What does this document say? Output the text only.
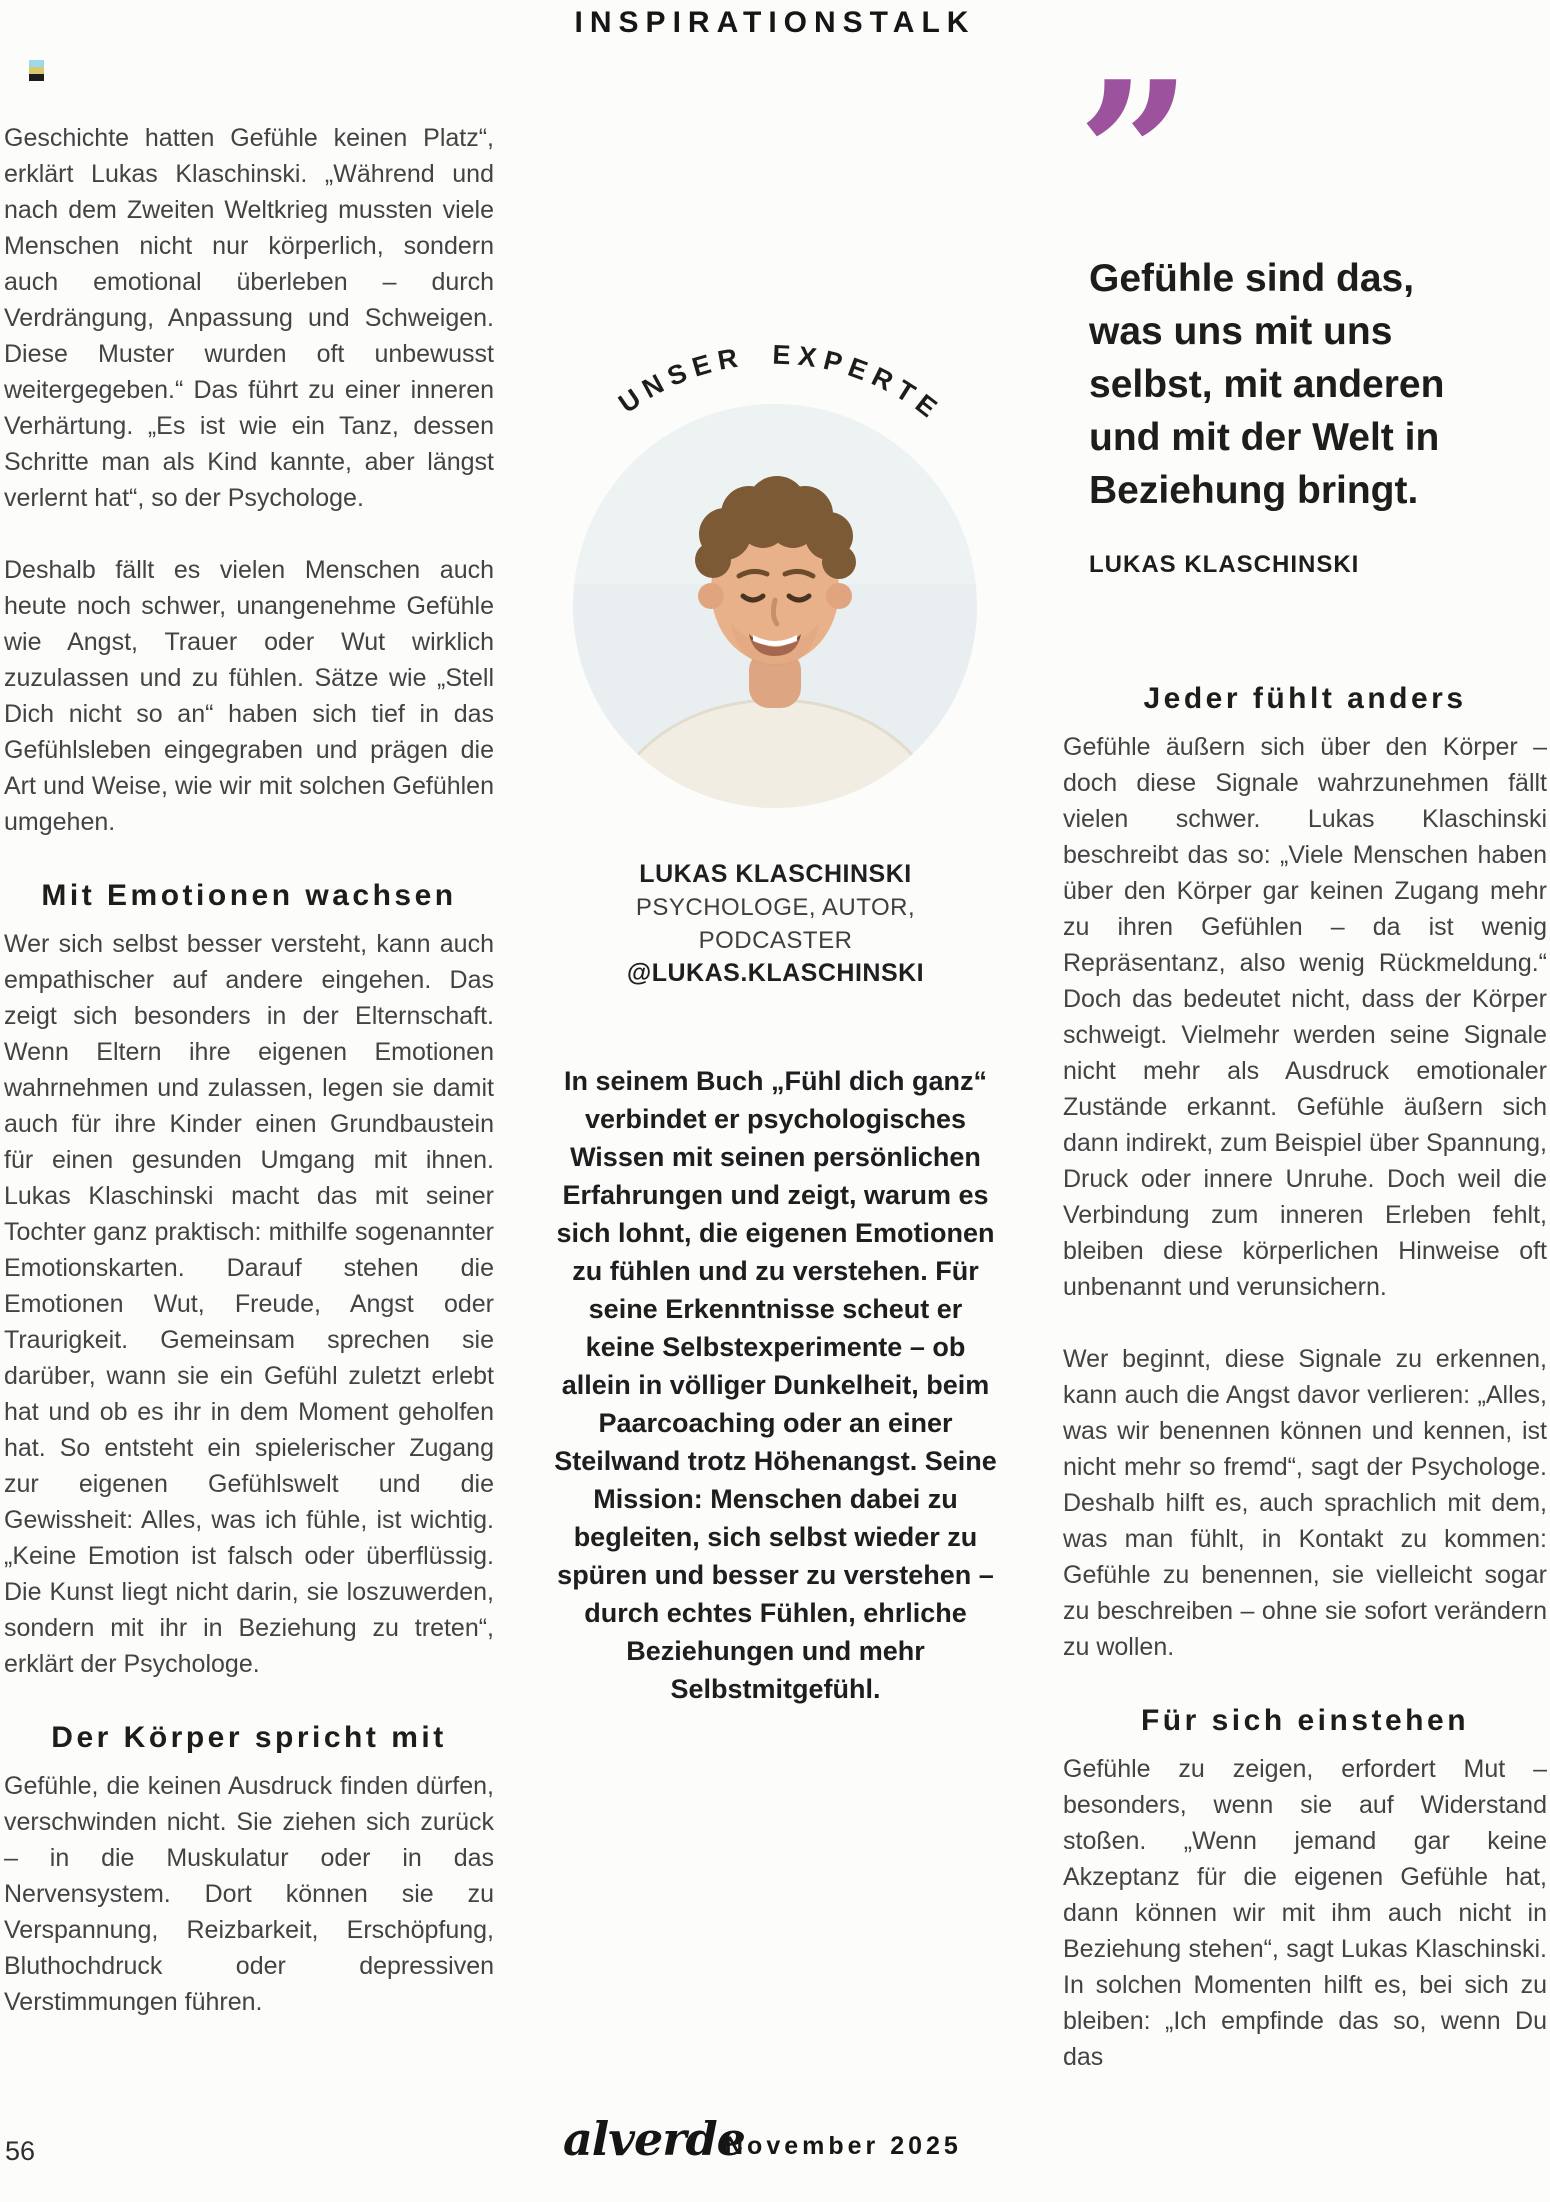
INSPIRATIONSTALK

Geschichte hatten Gefühle keinen Platz“, erklärt Lukas Klaschinski. „Während und nach dem Zweiten Weltkrieg mussten viele Menschen nicht nur körperlich, sondern auch emotional überleben – durch Verdrängung, Anpassung und Schweigen. Diese Muster wurden oft unbewusst weitergegeben.“ Das führt zu einer inneren Verhärtung. „Es ist wie ein Tanz, dessen Schritte man als Kind kannte, aber längst verlernt hat“, so der Psychologe.

Deshalb fällt es vielen Menschen auch heute noch schwer, unangenehme Gefühle wie Angst, Trauer oder Wut wirklich zuzulassen und zu fühlen. Sätze wie „Stell Dich nicht so an“ haben sich tief in das Gefühlsleben eingegraben und prägen die Art und Weise, wie wir mit solchen Gefühlen umgehen.

Mit Emotionen wachsen

Wer sich selbst besser versteht, kann auch empathischer auf andere eingehen. Das zeigt sich besonders in der Elternschaft. Wenn Eltern ihre eigenen Emotionen wahrnehmen und zulassen, legen sie damit auch für ihre Kinder einen Grundbaustein für einen gesunden Umgang mit ihnen. Lukas Klaschinski macht das mit seiner Tochter ganz praktisch: mithilfe sogenannter Emotionskarten. Darauf stehen die Emotionen Wut, Freude, Angst oder Traurigkeit. Gemeinsam sprechen sie darüber, wann sie ein Gefühl zuletzt erlebt hat und ob es ihr in dem Moment geholfen hat. So entsteht ein spielerischer Zugang zur eigenen Gefühlswelt und die Gewissheit: Alles, was ich fühle, ist wichtig. „Keine Emotion ist falsch oder überflüssig. Die Kunst liegt nicht darin, sie loszuwerden, sondern mit ihr in Beziehung zu treten“, erklärt der Psychologe.

Der Körper spricht mit

Gefühle, die keinen Ausdruck finden dürfen, verschwinden nicht. Sie ziehen sich zurück – in die Muskulatur oder in das Nervensystem. Dort können sie zu Verspannung, Reizbarkeit, Erschöpfung, Bluthochdruck oder depressiven Verstimmungen führen.

UNSER EXPERTE
LUKAS KLASCHINSKI
PSYCHOLOGE, AUTOR,
PODCASTER
@LUKAS.KLASCHINSKI

In seinem Buch „Fühl dich ganz“ verbindet er psychologisches Wissen mit seinen persönlichen Erfahrungen und zeigt, warum es sich lohnt, die eigenen Emotionen zu fühlen und zu verstehen. Für seine Erkenntnisse scheut er keine Selbstexperimente – ob allein in völliger Dunkelheit, beim Paarcoaching oder an einer Steilwand trotz Höhenangst. Seine Mission: Menschen dabei zu begleiten, sich selbst wieder zu spüren und besser zu verstehen – durch echtes Fühlen, ehrliche Beziehungen und mehr Selbstmitgefühl.

”
Gefühle sind das,
was uns mit uns
selbst, mit anderen
und mit der Welt in
Beziehung bringt.
LUKAS KLASCHINSKI
Jeder fühlt anders

Gefühle äußern sich über den Körper – doch diese Signale wahrzunehmen fällt vielen schwer. Lukas Klaschinski beschreibt das so: „Viele Menschen haben über den Körper gar keinen Zugang mehr zu ihren Gefühlen – da ist wenig Repräsentanz, also wenig Rückmeldung.“ Doch das bedeutet nicht, dass der Körper schweigt. Vielmehr werden seine Signale nicht mehr als Ausdruck emotionaler Zustände erkannt. Gefühle äußern sich dann indirekt, zum Beispiel über Spannung, Druck oder innere Unruhe. Doch weil die Verbindung zum inneren Erleben fehlt, bleiben diese körperlichen Hinweise oft unbenannt und verunsichern.

Wer beginnt, diese Signale zu erkennen, kann auch die Angst davor verlieren: „Alles, was wir benennen können und kennen, ist nicht mehr so fremd“, sagt der Psychologe. Deshalb hilft es, auch sprachlich mit dem, was man fühlt, in Kontakt zu kommen: Gefühle zu benennen, sie vielleicht sogar zu beschreiben – ohne sie sofort verändern zu wollen.

Für sich einstehen

Gefühle zu zeigen, erfordert Mut – besonders, wenn sie auf Widerstand stoßen. „Wenn jemand gar keine Akzeptanz für die eigenen Gefühle hat, dann können wir mit ihm auch nicht in Beziehung stehen“, sagt Lukas Klaschinski. In solchen Momenten hilft es, bei sich zu bleiben: „Ich empfinde das so, wenn Du das

56	alverde
November 2025
